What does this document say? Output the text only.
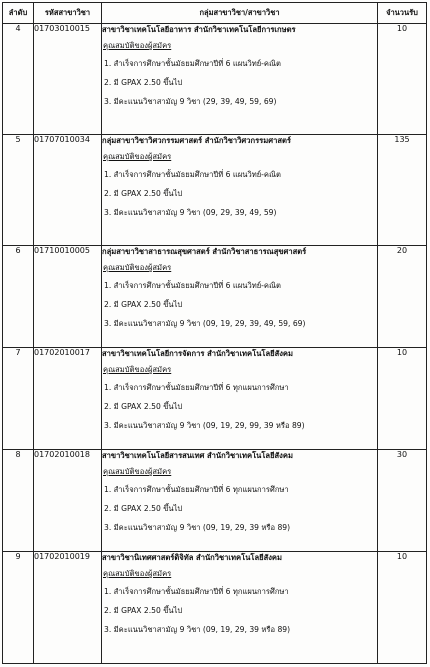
ลำดับ	รหัสสาขาวิชา	กลุ่มสาขาวิชา/สาขาวิชา	จำนวนรับ
4	01703010015	สาขาวิชาเทคโนโลยีอาหาร สำนักวิชาเทคโนโลยีการเกษตร
คุณสมบัติของผู้สมัคร
1. สำเร็จการศึกษาชั้นมัธยมศึกษาปีที่ 6 แผนวิทย์-คณิต
2. มี GPAX 2.50 ขึ้นไป
3. มีคะแนนวิชาสามัญ 9 วิชา (29, 39, 49, 59, 69)	10
5	01707010034	กลุ่มสาขาวิชาวิศวกรรมศาสตร์ สำนักวิชาวิศวกรรมศาสตร์
คุณสมบัติของผู้สมัคร
1. สำเร็จการศึกษาชั้นมัธยมศึกษาปีที่ 6 แผนวิทย์-คณิต
2. มี GPAX 2.50 ขึ้นไป
3. มีคะแนนวิชาสามัญ 9 วิชา (09, 29, 39, 49, 59)	135
6	01710010005	กลุ่มสาขาวิชาสาธารณสุขศาสตร์ สำนักวิชาสาธารณสุขศาสตร์
คุณสมบัติของผู้สมัคร
1. สำเร็จการศึกษาชั้นมัธยมศึกษาปีที่ 6 แผนวิทย์-คณิต
2. มี GPAX 2.50 ขึ้นไป
3. มีคะแนนวิชาสามัญ 9 วิชา (09, 19, 29, 39, 49, 59, 69)	20
7	01702010017	สาขาวิชาเทคโนโลยีการจัดการ สำนักวิชาเทคโนโลยีสังคม
คุณสมบัติของผู้สมัคร
1. สำเร็จการศึกษาชั้นมัธยมศึกษาปีที่ 6 ทุกแผนการศึกษา
2. มี GPAX 2.50 ขึ้นไป
3. มีคะแนนวิชาสามัญ 9 วิชา (09, 19, 29, 99, 39 หรือ 89)	10
8	01702010018	สาขาวิชาเทคโนโลยีสารสนเทศ สำนักวิชาเทคโนโลยีสังคม
คุณสมบัติของผู้สมัคร
1. สำเร็จการศึกษาชั้นมัธยมศึกษาปีที่ 6 ทุกแผนการศึกษา
2. มี GPAX 2.50 ขึ้นไป
3. มีคะแนนวิชาสามัญ 9 วิชา (09, 19, 29, 39 หรือ 89)	30
9	01702010019	สาขาวิชานิเทศศาสตร์ดิจิทัล สำนักวิชาเทคโนโลยีสังคม
คุณสมบัติของผู้สมัคร
1. สำเร็จการศึกษาชั้นมัธยมศึกษาปีที่ 6 ทุกแผนการศึกษา
2. มี GPAX 2.50 ขึ้นไป
3. มีคะแนนวิชาสามัญ 9 วิชา (09, 19, 29, 39 หรือ 89)	10
